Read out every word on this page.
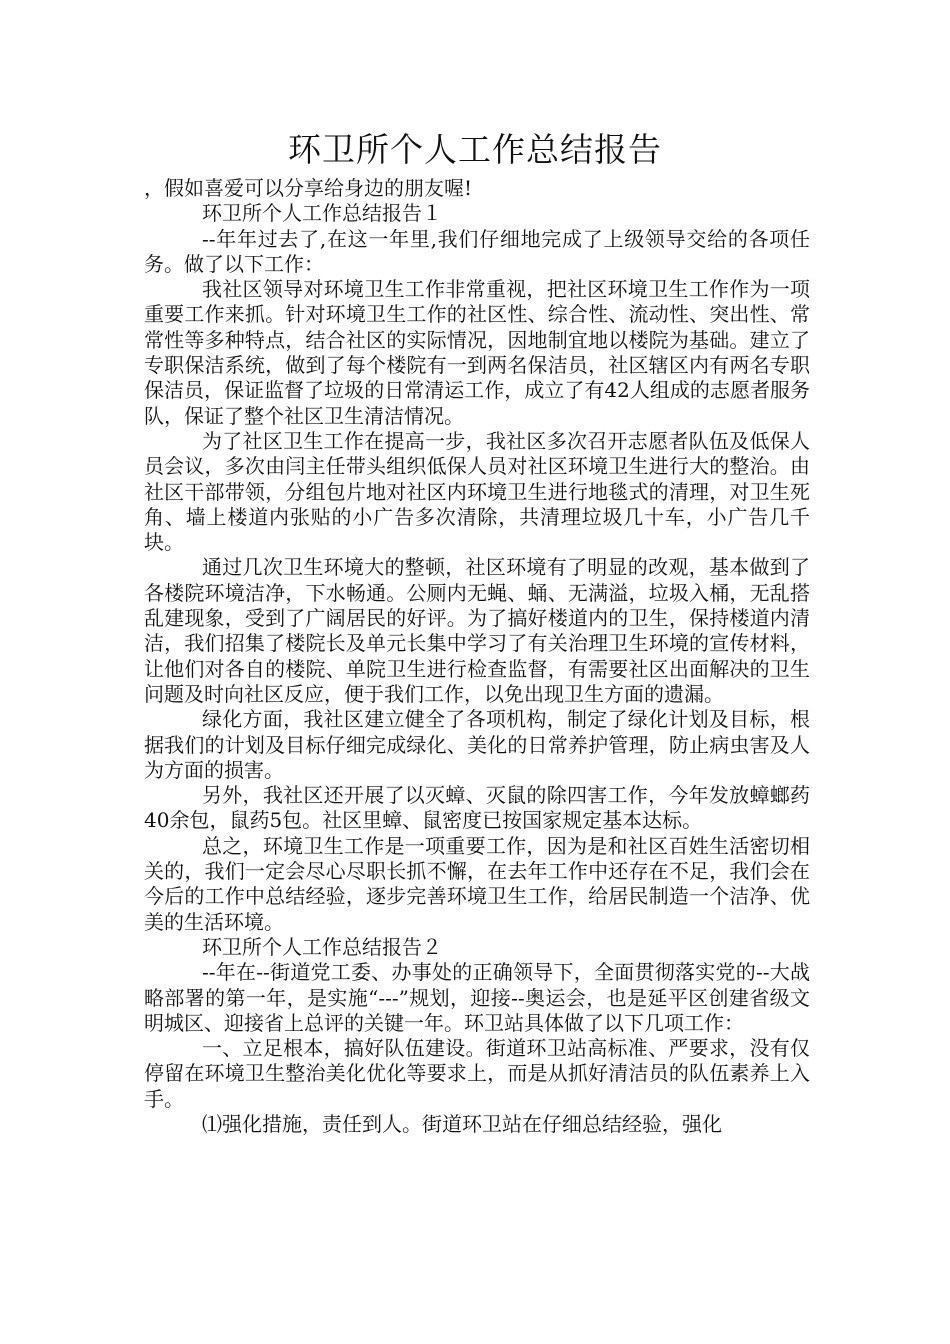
环卫所个人工作总结报告

，假如喜爱可以分享给身边的朋友喔!

环卫所个人工作总结报告１

--年年过去了,在这一年里,我们仔细地完成了上级领导交给的各项任务。做了以下工作：

我社区领导对环境卫生工作非常重视，把社区环境卫生工作作为一项重要工作来抓。针对环境卫生工作的社区性、综合性、流动性、突出性、常常性等多种特点，结合社区的实际情况，因地制宜地以楼院为基础。建立了专职保洁系统，做到了每个楼院有一到两名保洁员，社区辖区内有两名专职保洁员，保证监督了垃圾的日常清运工作，成立了有42人组成的志愿者服务队，保证了整个社区卫生清洁情况。

为了社区卫生工作在提高一步，我社区多次召开志愿者队伍及低保人员会议，多次由闫主任带头组织低保人员对社区环境卫生进行大的整治。由社区干部带领，分组包片地对社区内环境卫生进行地毯式的清理，对卫生死角、墙上楼道内张贴的小广告多次清除，共清理垃圾几十车，小广告几千块。

通过几次卫生环境大的整顿，社区环境有了明显的改观，基本做到了各楼院环境洁净，下水畅通。公厕内无蝇、蛹、无满溢，垃圾入桶，无乱搭乱建现象，受到了广阔居民的好评。为了搞好楼道内的卫生，保持楼道内清洁，我们招集了楼院长及单元长集中学习了有关治理卫生环境的宣传材料，让他们对各自的楼院、单院卫生进行检查监督，有需要社区出面解决的卫生问题及时向社区反应，便于我们工作，以免出现卫生方面的遗漏。

绿化方面，我社区建立健全了各项机构，制定了绿化计划及目标，根据我们的计划及目标仔细完成绿化、美化的日常养护管理，防止病虫害及人为方面的损害。

另外，我社区还开展了以灭蟑、灭鼠的除四害工作，今年发放蟑螂药40余包，鼠药5包。社区里蟑、鼠密度已按国家规定基本达标。

总之，环境卫生工作是一项重要工作，因为是和社区百姓生活密切相关的，我们一定会尽心尽职长抓不懈，在去年工作中还存在不足，我们会在今后的工作中总结经验，逐步完善环境卫生工作，给居民制造一个洁净、优美的生活环境。

环卫所个人工作总结报告２

--年在--街道党工委、办事处的正确领导下，全面贯彻落实党的--大战略部署的第一年，是实施“---”规划，迎接--奥运会，也是延平区创建省级文明城区、迎接省上总评的关键一年。环卫站具体做了以下几项工作：

一、立足根本，搞好队伍建设。街道环卫站高标准、严要求，没有仅停留在环境卫生整治美化优化等要求上，而是从抓好清洁员的队伍素养上入手。

⑴强化措施，责任到人。街道环卫站在仔细总结经验，强化
